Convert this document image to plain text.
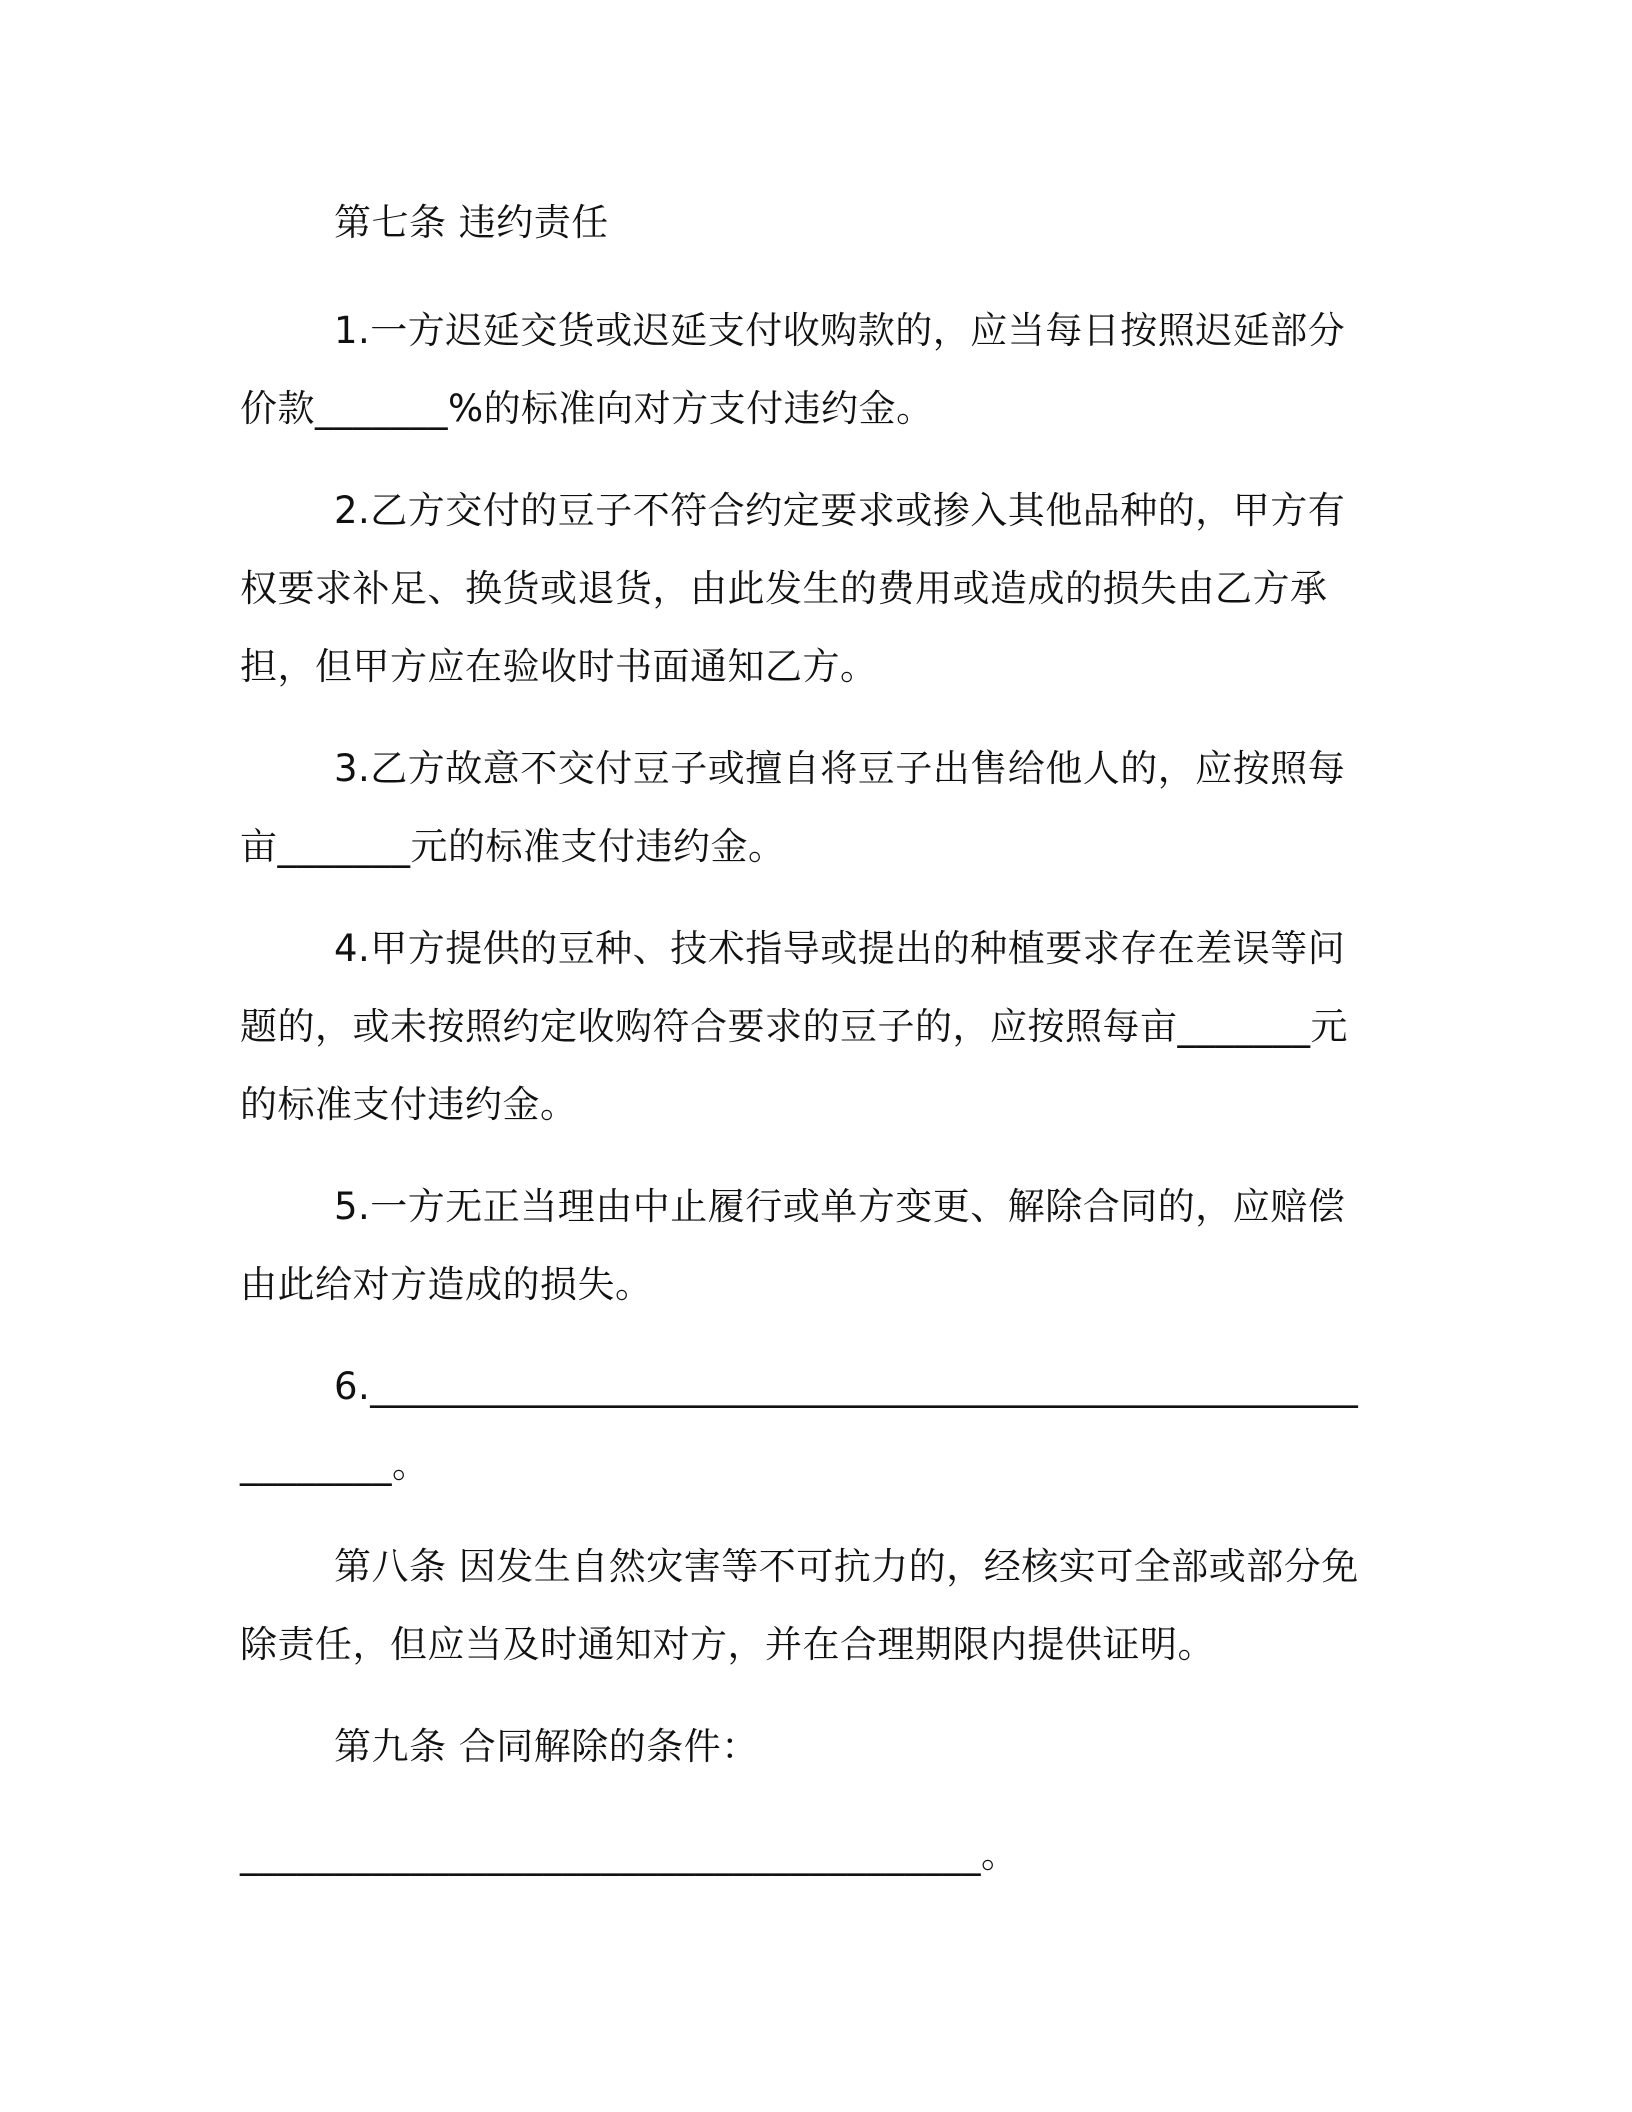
第七条 违约责任

1.一方迟延交货或迟延支付收购款的，应当每日按照迟延部分价款_______%的标准向对方支付违约金。

2.乙方交付的豆子不符合约定要求或掺入其他品种的，甲方有权要求补足、换货或退货，由此发生的费用或造成的损失由乙方承担，但甲方应在验收时书面通知乙方。

3.乙方故意不交付豆子或擅自将豆子出售给他人的，应按照每亩_______元的标准支付违约金。

4.甲方提供的豆种、技术指导或提出的种植要求存在差误等问题的，或未按照约定收购符合要求的豆子的，应按照每亩_______元的标准支付违约金。

5.一方无正当理由中止履行或单方变更、解除合同的，应赔偿由此给对方造成的损失。

6.____________________________________________________________。

第八条 因发生自然灾害等不可抗力的，经核实可全部或部分免除责任，但应当及时通知对方，并在合理期限内提供证明。

第九条 合同解除的条件：

_______________________________________。
